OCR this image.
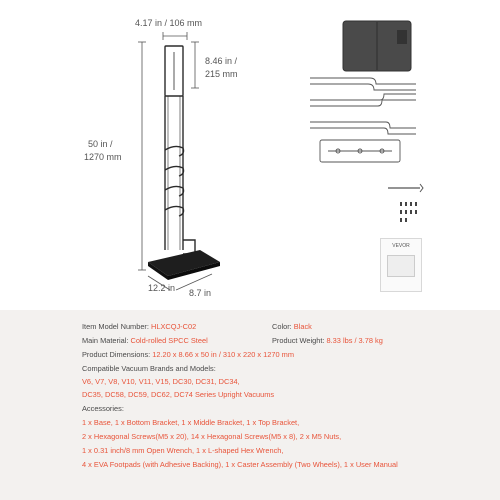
VEVOR
4.17 in / 106 mm
8.46 in /
215 mm
50 in /
1270 mm
12.2 in 8.7 in
Item Model Number: HLXCQJ-C02	Color: Black
Main Material: Cold-rolled SPCC Steel	Product Weight: 8.33 lbs / 3.78 kg
Product Dimensions: 12.20 x 8.66 x 50 in / 310 x 220 x 1270 mm
Compatible Vacuum Brands and Models:
V6, V7, V8, V10, V11, V15, DC30, DC31, DC34,
DC35, DC58, DC59, DC62, DC74 Series Upright Vacuums
Accessories:
1 x Base, 1 x Bottom Bracket, 1 x Middle Bracket, 1 x Top Bracket,
2 x Hexagonal Screws(M5 x 20), 14 x Hexagonal Screws(M5 x 8), 2 x M5 Nuts,
1 x 0.31 inch/8 mm Open Wrench, 1 x L-shaped Hex Wrench,
4 x EVA Footpads (with Adhesive Backing), 1 x Caster Assembly (Two Wheels), 1 x User Manual
